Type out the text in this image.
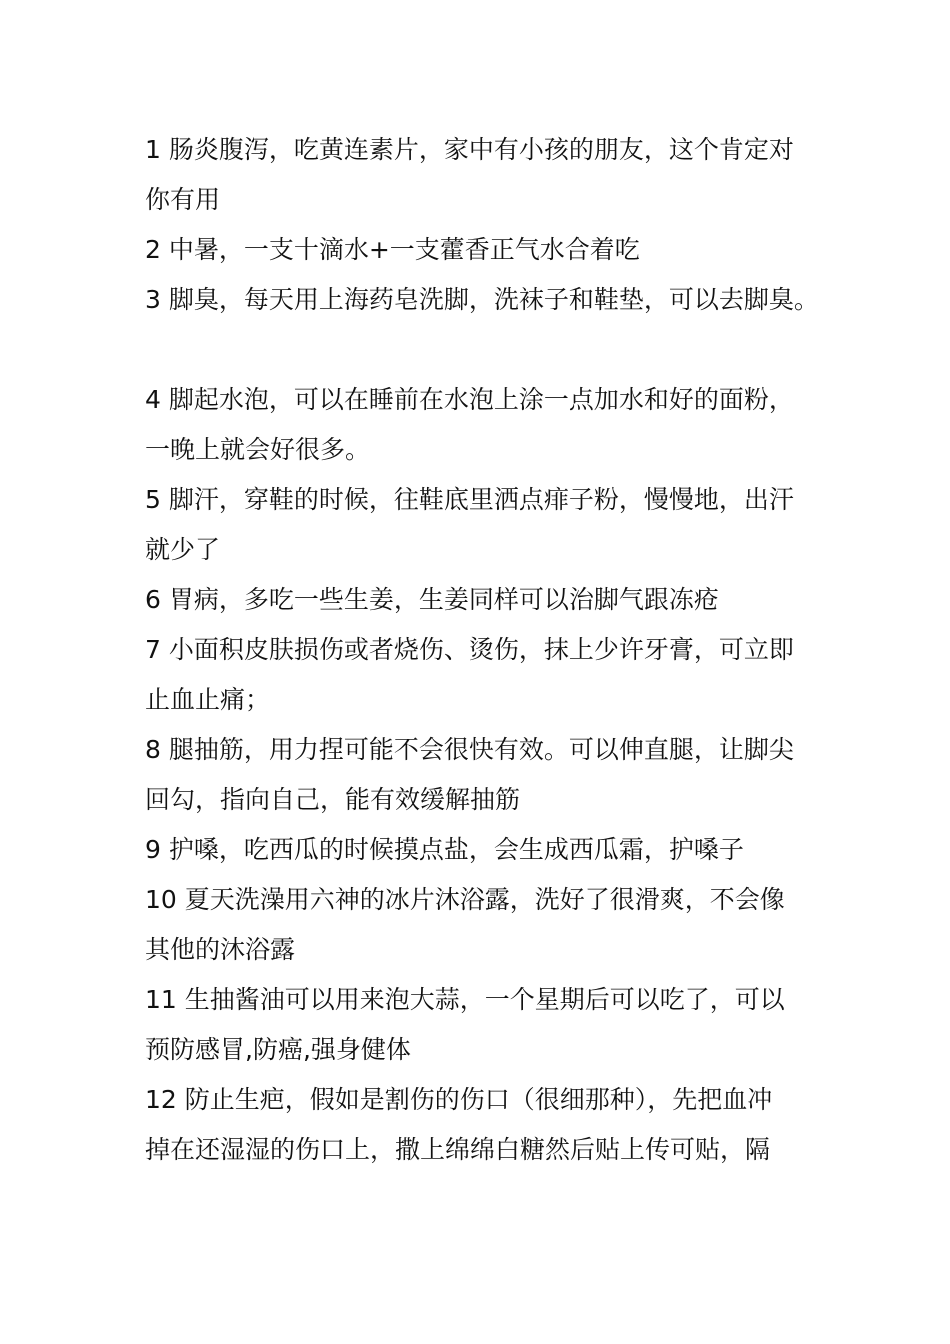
1 肠炎腹泻，吃黄连素片，家中有小孩的朋友，这个肯定对
你有用
2 中暑，一支十滴水+一支藿香正气水合着吃
3 脚臭，每天用上海药皂洗脚，洗袜子和鞋垫，可以去脚臭。
4 脚起水泡，可以在睡前在水泡上涂一点加水和好的面粉，
一晚上就会好很多。
5 脚汗，穿鞋的时候，往鞋底里洒点痱子粉，慢慢地，出汗
就少了
6 胃病，多吃一些生姜，生姜同样可以治脚气跟冻疮
7 小面积皮肤损伤或者烧伤、烫伤，抹上少许牙膏，可立即
止血止痛；
8 腿抽筋，用力捏可能不会很快有效。可以伸直腿，让脚尖
回勾，指向自己，能有效缓解抽筋
9 护嗓，吃西瓜的时候摸点盐，会生成西瓜霜，护嗓子
10 夏天洗澡用六神的冰片沐浴露，洗好了很滑爽，不会像
其他的沐浴露
11 生抽酱油可以用来泡大蒜，一个星期后可以吃了，可以
预防感冒,防癌,强身健体
12 防止生疤，假如是割伤的伤口（很细那种），先把血冲
掉在还湿湿的伤口上，撒上绵绵白糖然后贴上传可贴，隔
